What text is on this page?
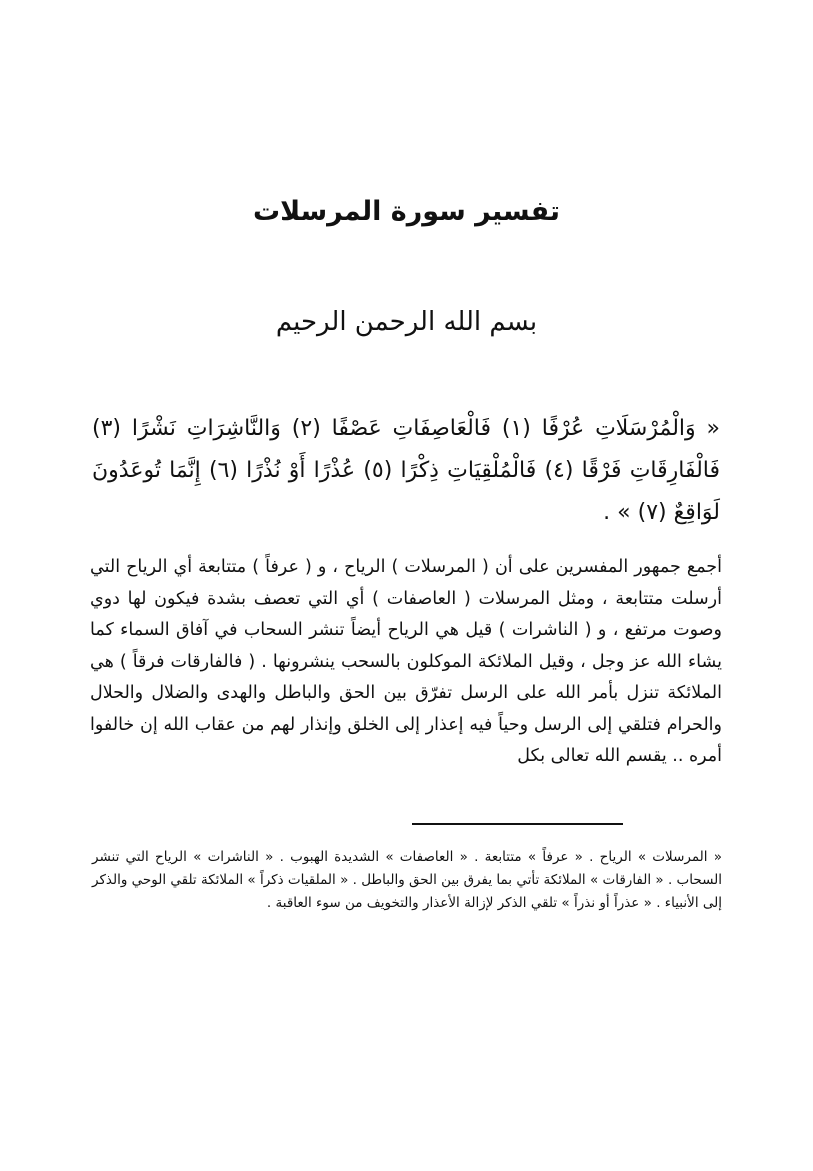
تفسير سورة المرسلات
بسم الله الرحمن الرحيم
« وَالْمُرْسَلَاتِ عُرْفًا (١) فَالْعَاصِفَاتِ عَصْفًا (٢) وَالنَّاشِرَاتِ نَشْرًا (٣) فَالْفَارِقَاتِ فَرْقًا (٤) فَالْمُلْقِيَاتِ ذِكْرًا (٥) عُذْرًا أَوْ نُذْرًا (٦) إِنَّمَا تُوعَدُونَ لَوَاقِعٌ (٧) » .
أجمع جمهور المفسرين على أن ( المرسلات ) الرياح ، و ( عرفاً ) متتابعة أي الرياح التي أرسلت متتابعة ، ومثل المرسلات ( العاصفات ) أي التي تعصف بشدة فيكون لها دوي وصوت مرتفع ، و ( الناشرات ) قيل هي الرياح أيضاً تنشر السحاب في آفاق السماء كما يشاء الله عز وجل ، وقيل الملائكة الموكلون بالسحب ينشرونها . ( فالفارقات فرقاً ) هي الملائكة تنزل بأمر الله على الرسل تفرّق بين الحق والباطل والهدى والضلال والحلال والحرام فتلقي إلى الرسل وحياً فيه إعذار إلى الخلق وإنذار لهم من عقاب الله إن خالفوا أمره .. يقسم الله تعالى بكل
« المرسلات » الرياح . « عرفاً » متتابعة . « العاصفات » الشديدة الهبوب . « الناشرات » الرياح التي تنشر السحاب . « الفارقات » الملائكة تأتي بما يفرق بين الحق والباطل . « الملقيات ذكراً » الملائكة تلقي الوحي والذكر إلى الأنبياء . « عذراً أو نذراً » تلقي الذكر لإزالة الأعذار والتخويف من سوء العاقبة .
